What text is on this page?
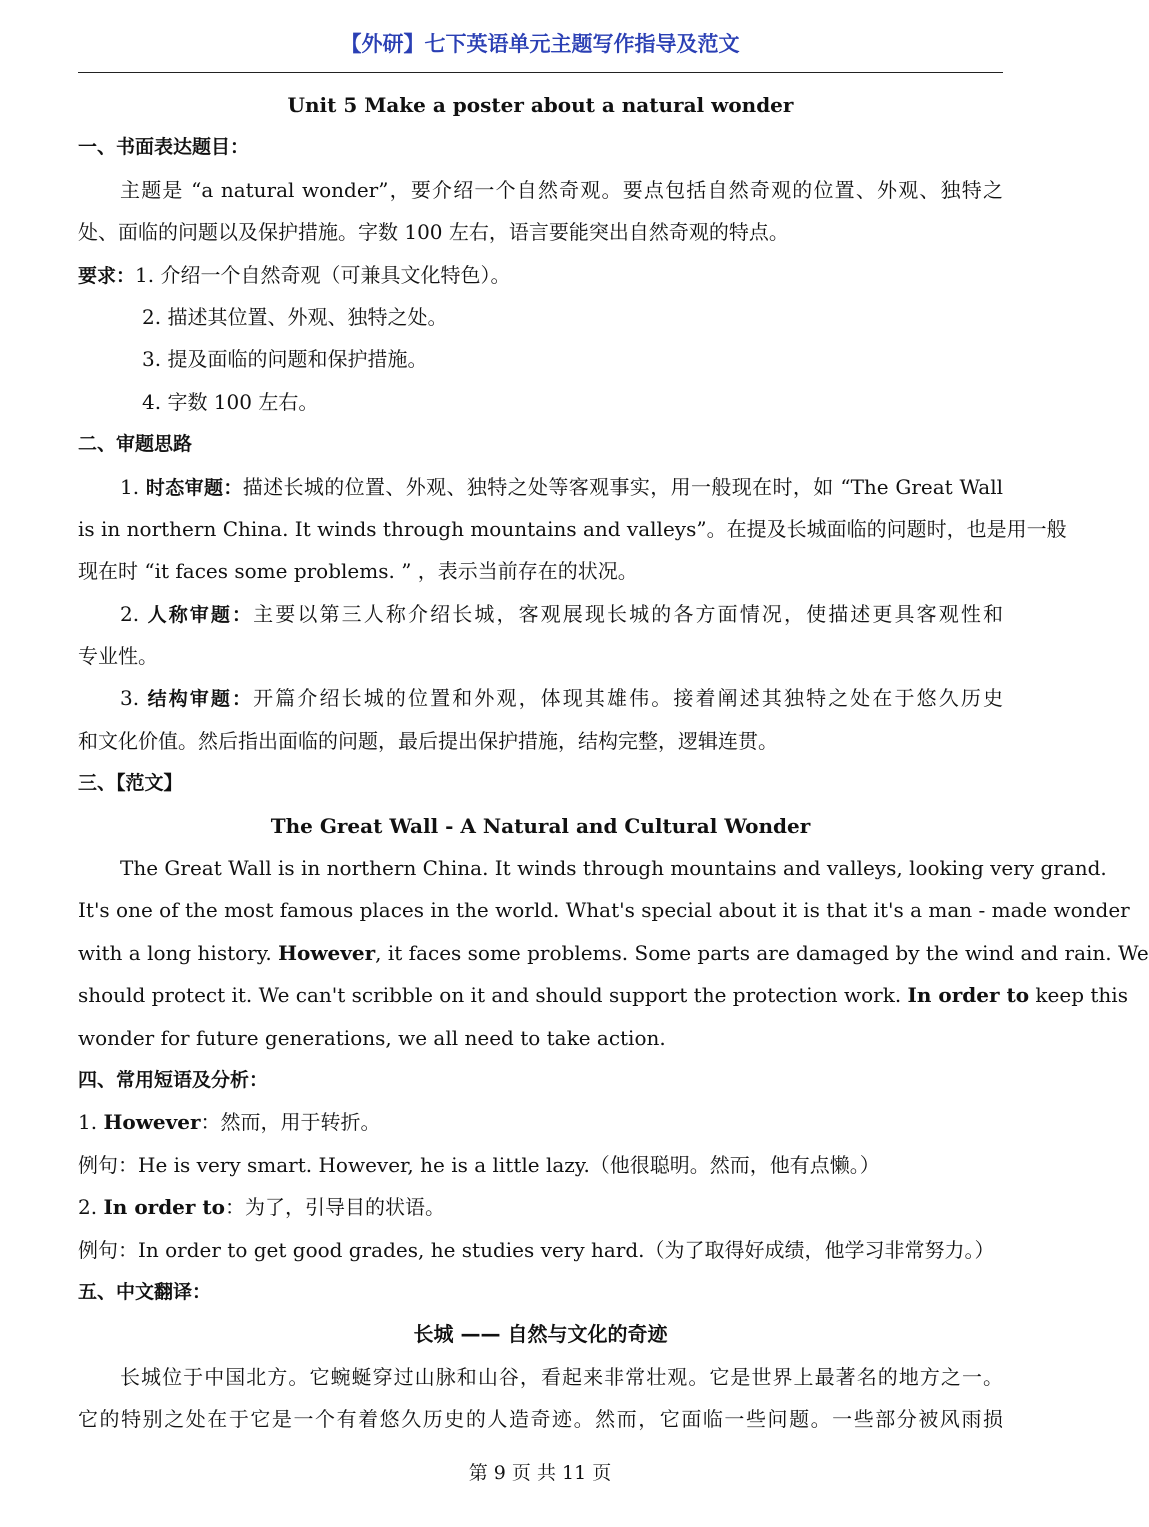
【外研】七下英语单元主题写作指导及范文
Unit 5 Make a poster about a natural wonder
一、书面表达题目：
主题是 “a natural wonder”，要介绍一个自然奇观。要点包括自然奇观的位置、外观、独特之
处、面临的问题以及保护措施。字数 100 左右，语言要能突出自然奇观的特点。
要求：1. 介绍一个自然奇观（可兼具文化特色）。
2. 描述其位置、外观、独特之处。
3. 提及面临的问题和保护措施。
4. 字数 100 左右。
二、审题思路
1. 时态审题：描述长城的位置、外观、独特之处等客观事实，用一般现在时，如 “The Great Wall
is in northern China. It winds through mountains and valleys”。在提及长城面临的问题时，也是用一般
现在时 “it faces some problems. ” ，表示当前存在的状况。
2. 人称审题：主要以第三人称介绍长城，客观展现长城的各方面情况，使描述更具客观性和
专业性。
3. 结构审题：开篇介绍长城的位置和外观，体现其雄伟。接着阐述其独特之处在于悠久历史
和文化价值。然后指出面临的问题，最后提出保护措施，结构完整，逻辑连贯。
三、【范文】
The Great Wall - A Natural and Cultural Wonder
The Great Wall is in northern China. It winds through mountains and valleys, looking very grand.
It's one of the most famous places in the world. What's special about it is that it's a man - made wonder
with a long history. However, it faces some problems. Some parts are damaged by the wind and rain. We
should protect it. We can't scribble on it and should support the protection work. In order to keep this
wonder for future generations, we all need to take action.
四、常用短语及分析：
1. However：然而，用于转折。
例句：He is very smart. However, he is a little lazy.（他很聪明。然而，他有点懒。）
2. In order to：为了，引导目的状语。
例句：In order to get good grades, he studies very hard.（为了取得好成绩，他学习非常努力。）
五、中文翻译：
长城 —— 自然与文化的奇迹
长城位于中国北方。它蜿蜒穿过山脉和山谷，看起来非常壮观。它是世界上最著名的地方之一。
它的特别之处在于它是一个有着悠久历史的人造奇迹。然而，它面临一些问题。一些部分被风雨损
第 9 页 共 11 页
